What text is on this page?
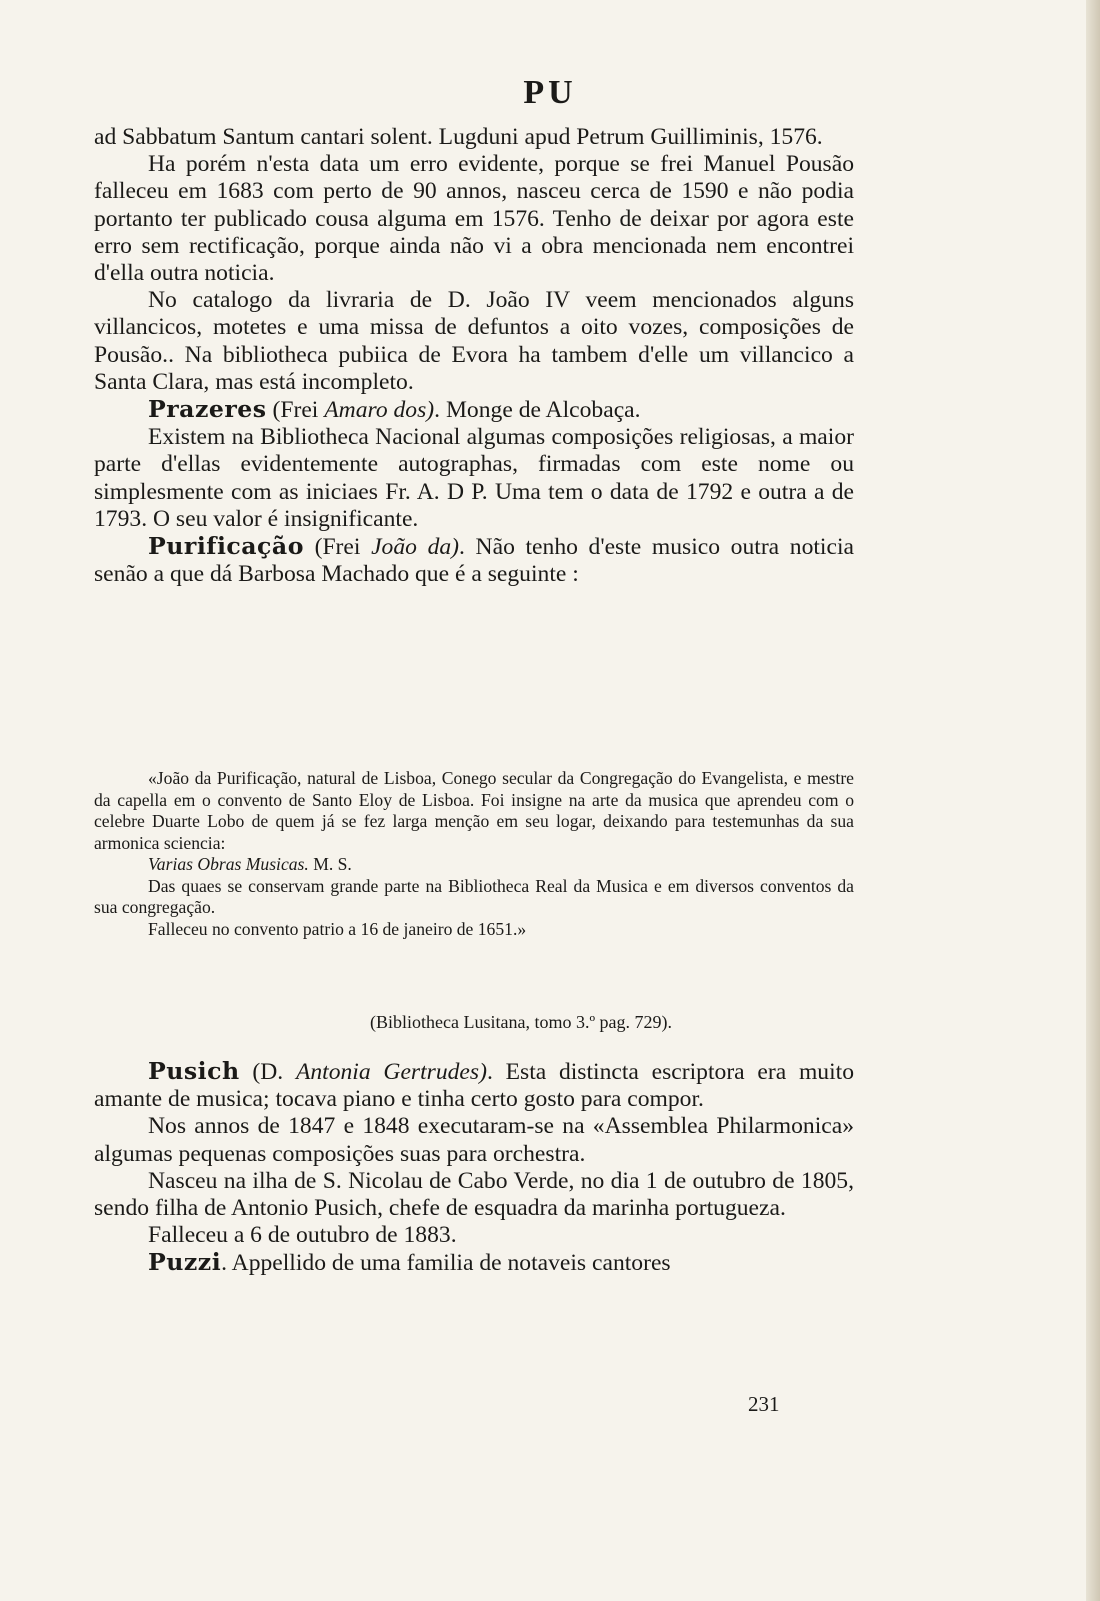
PU

ad Sabbatum Santum cantari solent. Lugduni apud Petrum Guilliminis, 1576.

Ha porém n'esta data um erro evidente, porque se frei Manuel Pousão falleceu em 1683 com perto de 90 annos, nasceu cerca de 1590 e não podia portanto ter publicado cousa alguma em 1576. Tenho de deixar por agora este erro sem rectificação, porque ainda não vi a obra mencionada nem encontrei d'ella outra noticia.

No catalogo da livraria de D. João IV veem mencionados alguns villancicos, motetes e uma missa de defuntos a oito vozes, composições de Pousão.. Na bibliotheca pubiica de Evora ha tambem d'elle um villancico a Santa Clara, mas está incompleto.

Prazeres (Frei Amaro dos). Monge de Alcobaça.

Existem na Bibliotheca Nacional algumas composições religiosas, a maior parte d'ellas evidentemente autographas, firmadas com este nome ou simplesmente com as iniciaes Fr. A. D P. Uma tem o data de 1792 e outra a de 1793. O seu valor é insignificante.

Purificação (Frei João da). Não tenho d'este musico outra noticia senão a que dá Barbosa Machado que é a seguinte :

«João da Purificação, natural de Lisboa, Conego secular da Congregação do Evangelista, e mestre da capella em o convento de Santo Eloy de Lisboa. Foi insigne na arte da musica que aprendeu com o celebre Duarte Lobo de quem já se fez larga menção em seu logar, deixando para testemunhas da sua armonica sciencia:

Varias Obras Musicas. M. S.

Das quaes se conservam grande parte na Bibliotheca Real da Musica e em diversos conventos da sua congregação.

Falleceu no convento patrio a 16 de janeiro de 1651.»

(Bibliotheca Lusitana, tomo 3.º pag. 729).

Pusich (D. Antonia Gertrudes). Esta distincta escriptora era muito amante de musica; tocava piano e tinha certo gosto para compor.

Nos annos de 1847 e 1848 executaram-se na «Assemblea Philarmonica» algumas pequenas composições suas para orchestra.

Nasceu na ilha de S. Nicolau de Cabo Verde, no dia 1 de outubro de 1805, sendo filha de Antonio Pusich, chefe de esquadra da marinha portugueza.

Falleceu a 6 de outubro de 1883.

Puzzi. Appellido de uma familia de notaveis cantores

231
